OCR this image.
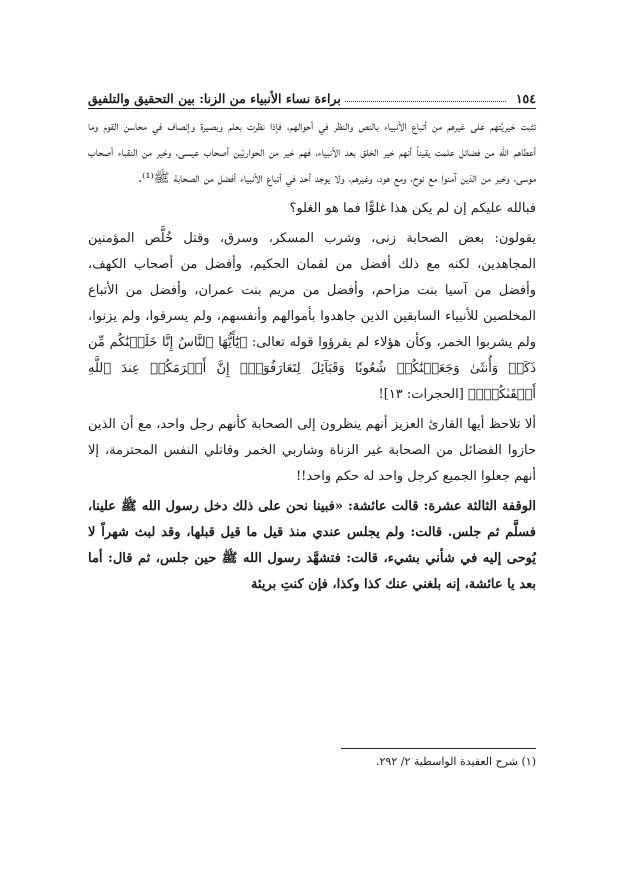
١٥٤
براءة نساء الأنبياء من الزنا: بين التحقيق والتلفيق

تثبت خيريَّتهم على غيرهم من أتباع الأنبياء بالنص والنظر في أحوالهم، فإذا نظرت بعلم وبصيرة وإنصاف في محاسن القوم وما أعطاهم الله من فضائل علمت يقيناً أنهم خير الخلق بعد الأنبياء، فهم خير من الحواريّين أصحاب عيسى، وخير من النقباء أصحاب موسى، وخير من الذين آمنوا مع نوح، ومع هود، وغيرهم، ولا يوجد أحد في أتباع الأنبياء أفضل من الصحابة ﷺ⁽¹⁾.

فبالله عليكم إن لم يكن هذا غلوًّا فما هو الغلو؟

يقولون: بعض الصحابة زنى، وشرب المسكر، وسرق، وقتل خُلَّص المؤمنين المجاهدين، لكنه مع ذلك أفضل من لقمان الحكيم، وأفضل من أصحاب الكهف، وأفضل من آسيا بنت مزاحم، وأفضل من مريم بنت عمران، وأفضل من الأتباع المخلصين للأنبياء السابقين الذين جاهدوا بأموالهم وأنفسهم، ولم يسرقوا، ولم يزنوا، ولم يشربوا الخمر، وكأن هؤلاء لم يقرؤوا قوله تعالى: ﴿يَٰٓأَيُّهَا ٱلنَّاسُ إِنَّا خَلَقۡنَٰكُم مِّن ذَكَرٖ وَأُنثَىٰ وَجَعَلۡنَٰكُمۡ شُعُوبٗا وَقَبَآئِلَ لِتَعَارَفُوٓاْۚ إِنَّ أَكۡرَمَكُمۡ عِندَ ٱللَّهِ أَتۡقَىٰكُمۡۚ﴾ [الحجرات: ١٣]!

ألا تلاحظ أيها القارئ العزيز أنهم ينظرون إلى الصحابة كأنهم رجل واحد، مع أن الذين حازوا الفضائل من الصحابة غير الزناة وشاربي الخمر وقاتلي النفس المحترمة، إلا أنهم جعلوا الجميع كرجل واحد له حكم واحد!!

الوقفة الثالثة عشرة: قالت عائشة: «فبينا نحن على ذلك دخل رسول الله ﷺ علينا، فسلَّم ثم جلس. قالت: ولم يجلس عندي منذ قيل ما قيل قبلها، وقد لبث شهراً لا يُوحى إليه في شأني بشيء، قالت: فتشهَّد رسول الله ﷺ حين جلس، ثم قال: أما بعد يا عائشة، إنه بلغني عنك كذا وكذا، فإن كنتِ بريئة

(١) شرح العقيدة الواسطية ٢/ ٢٩٢.
